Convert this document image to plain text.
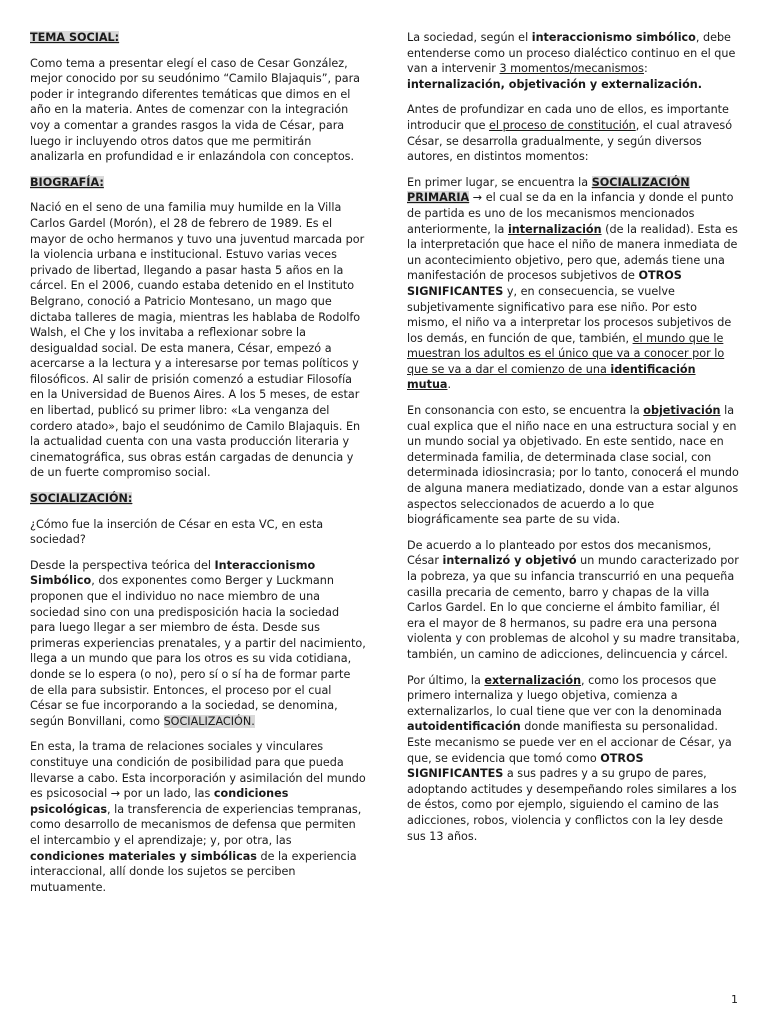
TEMA SOCIAL:

Como tema a presentar elegí el caso de Cesar González, mejor conocido por su seudónimo “Camilo Blajaquis”, para poder ir integrando diferentes temáticas que dimos en el año en la materia. Antes de comenzar con la integración voy a comentar a grandes rasgos la vida de César, para luego ir incluyendo otros datos que me permitirán analizarla en profundidad e ir enlazándola con conceptos.

BIOGRAFÍA:

Nació en el seno de una familia muy humilde en la Villa Carlos Gardel (Morón), el 28 de febrero de 1989. Es el mayor de ocho hermanos y tuvo una juventud marcada por la violencia urbana e institucional. Estuvo varias veces privado de libertad, llegando a pasar hasta 5 años en la cárcel. En el 2006, cuando estaba detenido en el Instituto Belgrano, conoció a Patricio Montesano, un mago que dictaba talleres de magia, mientras les hablaba de Rodolfo Walsh, el Che y los invitaba a reflexionar sobre la desigualdad social. De esta manera, César, empezó a acercarse a la lectura y a interesarse por temas políticos y filosóficos. Al salir de prisión comenzó a estudiar Filosofía en la Universidad de Buenos Aires. A los 5 meses, de estar en libertad, publicó su primer libro: «La venganza del cordero atado», bajo el seudónimo de Camilo Blajaquis. En la actualidad cuenta con una vasta producción literaria y cinematográfica, sus obras están cargadas de denuncia y de un fuerte compromiso social.

SOCIALIZACIÓN:

¿Cómo fue la inserción de César en esta VC, en esta sociedad?

Desde la perspectiva teórica del Interaccionismo Simbólico, dos exponentes como Berger y Luckmann proponen que el individuo no nace miembro de una sociedad sino con una predisposición hacia la sociedad para luego llegar a ser miembro de ésta. Desde sus primeras experiencias prenatales, y a partir del nacimiento, llega a un mundo que para los otros es su vida cotidiana, donde se lo espera (o no), pero sí o sí ha de formar parte de ella para subsistir. Entonces, el proceso por el cual César se fue incorporando a la sociedad, se denomina, según Bonvillani, como SOCIALIZACIÓN.

En esta, la trama de relaciones sociales y vinculares constituye una condición de posibilidad para que pueda llevarse a cabo. Esta incorporación y asimilación del mundo es psicosocial → por un lado, las condiciones psicológicas, la transferencia de experiencias tempranas, como desarrollo de mecanismos de defensa que permiten el intercambio y el aprendizaje; y, por otra, las condiciones materiales y simbólicas de la experiencia interaccional, allí donde los sujetos se perciben mutuamente.

La sociedad, según el interaccionismo simbólico, debe entenderse como un proceso dialéctico continuo en el que van a intervenir 3 momentos/mecanismos: internalización, objetivación y externalización.

Antes de profundizar en cada uno de ellos, es importante introducir que el proceso de constitución, el cual atravesó César, se desarrolla gradualmente, y según diversos autores, en distintos momentos:

En primer lugar, se encuentra la SOCIALIZACIÓN PRIMARIA → el cual se da en la infancia y donde el punto de partida es uno de los mecanismos mencionados anteriormente, la internalización (de la realidad). Esta es la interpretación que hace el niño de manera inmediata de un acontecimiento objetivo, pero que, además tiene una manifestación de procesos subjetivos de OTROS SIGNIFICANTES y, en consecuencia, se vuelve subjetivamente significativo para ese niño. Por esto mismo, el niño va a interpretar los procesos subjetivos de los demás, en función de que, también, el mundo que le muestran los adultos es el único que va a conocer por lo que se va a dar el comienzo de una identificación mutua.

En consonancia con esto, se encuentra la objetivación la cual explica que el niño nace en una estructura social y en un mundo social ya objetivado. En este sentido, nace en determinada familia, de determinada clase social, con determinada idiosincrasia; por lo tanto, conocerá el mundo de alguna manera mediatizado, donde van a estar algunos aspectos seleccionados de acuerdo a lo que biográficamente sea parte de su vida.

De acuerdo a lo planteado por estos dos mecanismos, César internalizó y objetivó un mundo caracterizado por la pobreza, ya que su infancia transcurrió en una pequeña casilla precaria de cemento, barro y chapas de la villa Carlos Gardel. En lo que concierne el ámbito familiar, él era el mayor de 8 hermanos, su padre era una persona violenta y con problemas de alcohol y su madre transitaba, también, un camino de adicciones, delincuencia y cárcel.

Por último, la externalización, como los procesos que primero internaliza y luego objetiva, comienza a externalizarlos, lo cual tiene que ver con la denominada autoidentificación donde manifiesta su personalidad. Este mecanismo se puede ver en el accionar de César, ya que, se evidencia que tomó como OTROS SIGNIFICANTES a sus padres y a su grupo de pares, adoptando actitudes y desempeñando roles similares a los de éstos, como por ejemplo, siguiendo el camino de las adicciones, robos, violencia y conflictos con la ley desde sus 13 años.

1
